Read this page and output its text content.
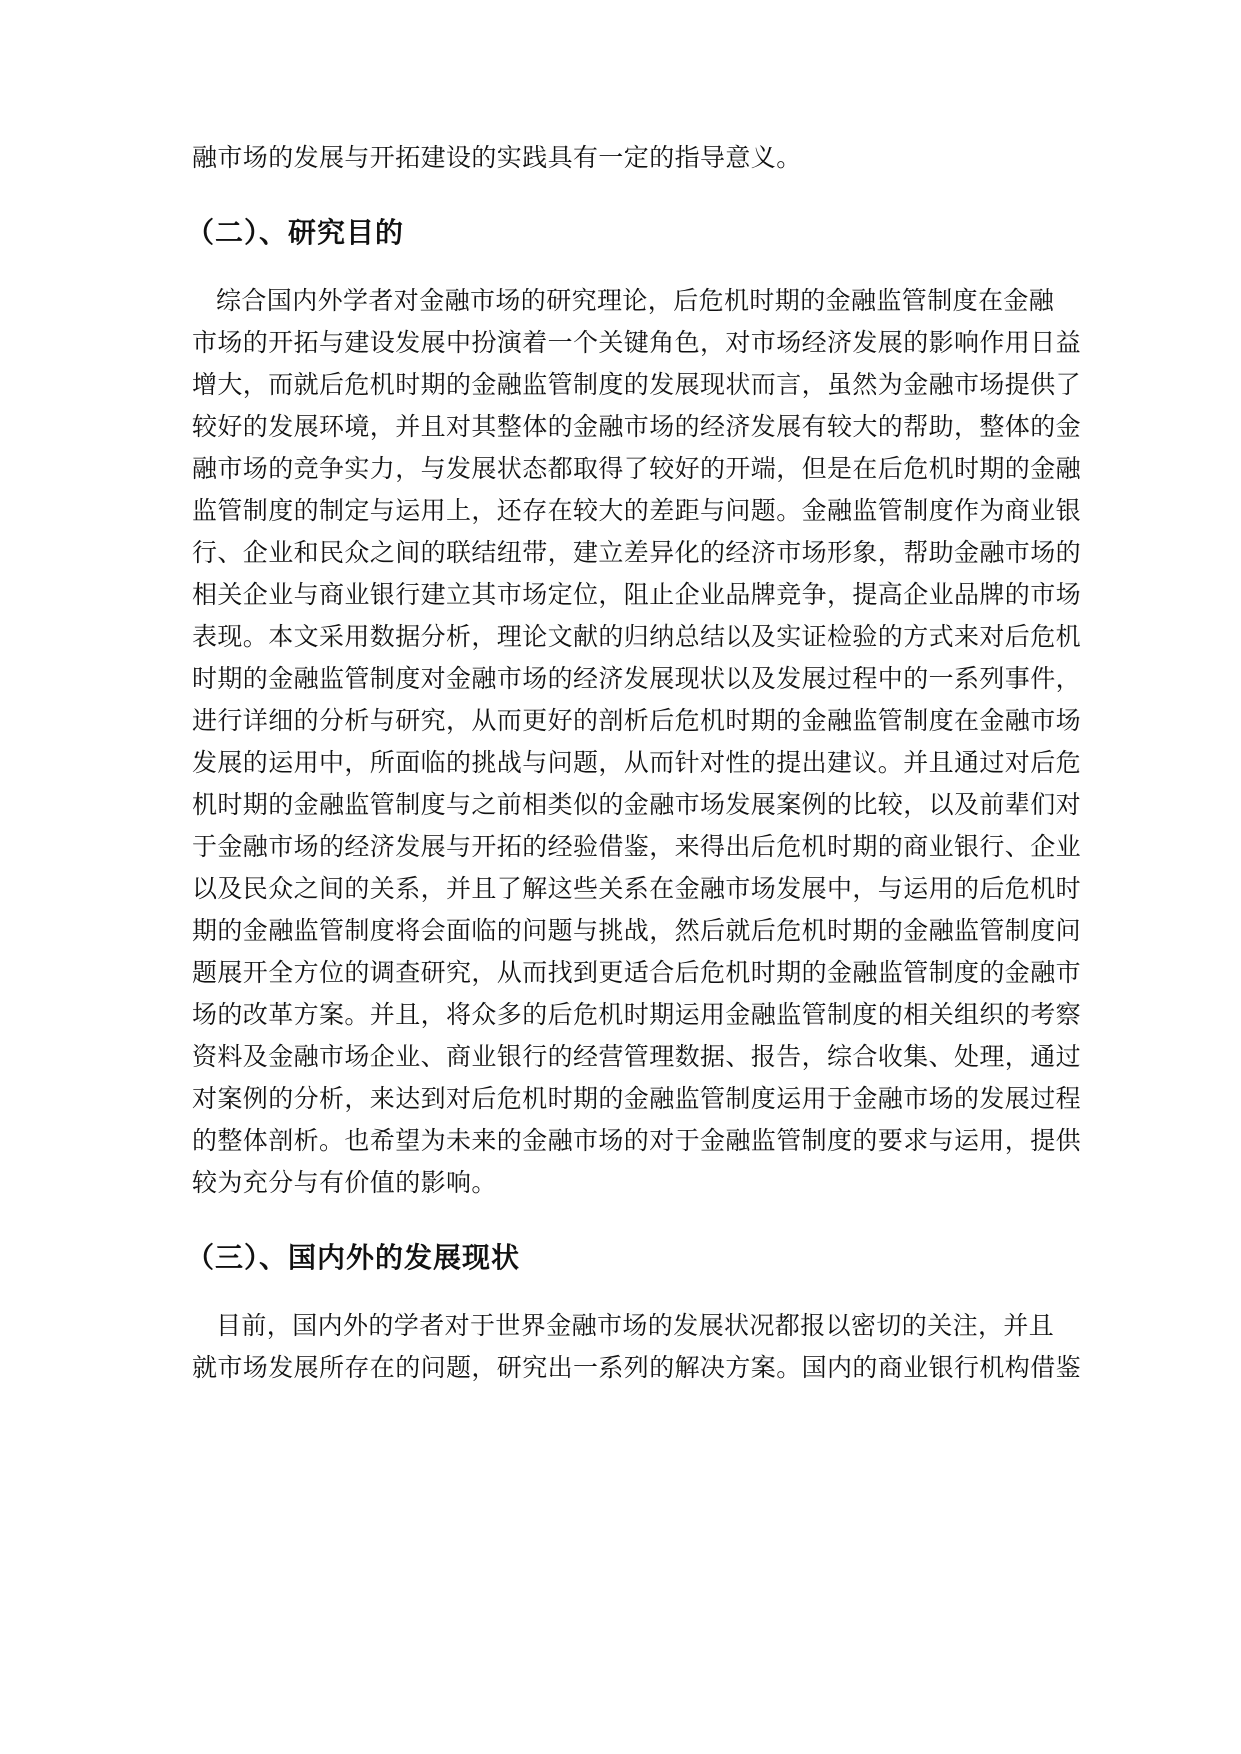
融市场的发展与开拓建设的实践具有一定的指导意义。
（二）、研究目的
综合国内外学者对金融市场的研究理论，后危机时期的金融监管制度在金融
市场的开拓与建设发展中扮演着一个关键角色，对市场经济发展的影响作用日益
增大，而就后危机时期的金融监管制度的发展现状而言，虽然为金融市场提供了
较好的发展环境，并且对其整体的金融市场的经济发展有较大的帮助，整体的金
融市场的竞争实力，与发展状态都取得了较好的开端，但是在后危机时期的金融
监管制度的制定与运用上，还存在较大的差距与问题。金融监管制度作为商业银
行、企业和民众之间的联结纽带，建立差异化的经济市场形象，帮助金融市场的
相关企业与商业银行建立其市场定位，阻止企业品牌竞争，提高企业品牌的市场
表现。本文采用数据分析，理论文献的归纳总结以及实证检验的方式来对后危机
时期的金融监管制度对金融市场的经济发展现状以及发展过程中的一系列事件，
进行详细的分析与研究，从而更好的剖析后危机时期的金融监管制度在金融市场
发展的运用中，所面临的挑战与问题，从而针对性的提出建议。并且通过对后危
机时期的金融监管制度与之前相类似的金融市场发展案例的比较，以及前辈们对
于金融市场的经济发展与开拓的经验借鉴，来得出后危机时期的商业银行、企业
以及民众之间的关系，并且了解这些关系在金融市场发展中，与运用的后危机时
期的金融监管制度将会面临的问题与挑战，然后就后危机时期的金融监管制度问
题展开全方位的调查研究，从而找到更适合后危机时期的金融监管制度的金融市
场的改革方案。并且，将众多的后危机时期运用金融监管制度的相关组织的考察
资料及金融市场企业、商业银行的经营管理数据、报告，综合收集、处理，通过
对案例的分析，来达到对后危机时期的金融监管制度运用于金融市场的发展过程
的整体剖析。也希望为未来的金融市场的对于金融监管制度的要求与运用，提供
较为充分与有价值的影响。
（三）、国内外的发展现状
目前，国内外的学者对于世界金融市场的发展状况都报以密切的关注，并且
就市场发展所存在的问题，研究出一系列的解决方案。国内的商业银行机构借鉴
